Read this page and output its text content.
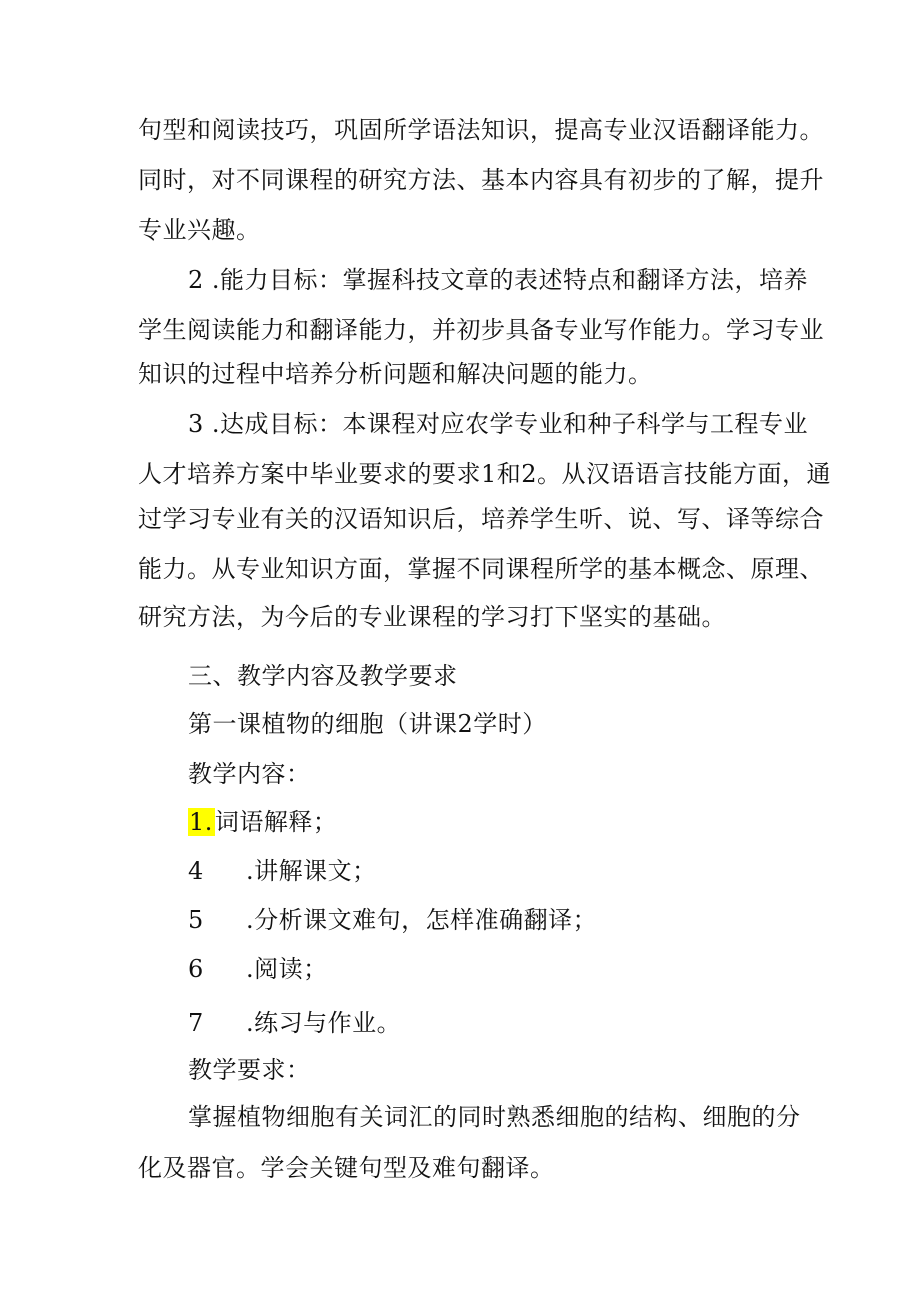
句型和阅读技巧，巩固所学语法知识，提高专业汉语翻译能力。
同时，对不同课程的研究方法、基本内容具有初步的了解，提升
专业兴趣。
2 .能力目标：掌握科技文章的表述特点和翻译方法，培养
学生阅读能力和翻译能力，并初步具备专业写作能力。学习专业
知识的过程中培养分析问题和解决问题的能力。
3 .达成目标：本课程对应农学专业和种子科学与工程专业
人才培养方案中毕业要求的要求1和2。从汉语语言技能方面，通
过学习专业有关的汉语知识后，培养学生听、说、写、译等综合
能力。从专业知识方面，掌握不同课程所学的基本概念、原理、
研究方法，为今后的专业课程的学习打下坚实的基础。
三、教学内容及教学要求
第一课植物的细胞（讲课2学时）
教学内容：
1.词语解释；
4 .讲解课文；
5 .分析课文难句，怎样准确翻译；
6 .阅读；
7 .练习与作业。
教学要求：
掌握植物细胞有关词汇的同时熟悉细胞的结构、细胞的分
化及器官。学会关键句型及难句翻译。
